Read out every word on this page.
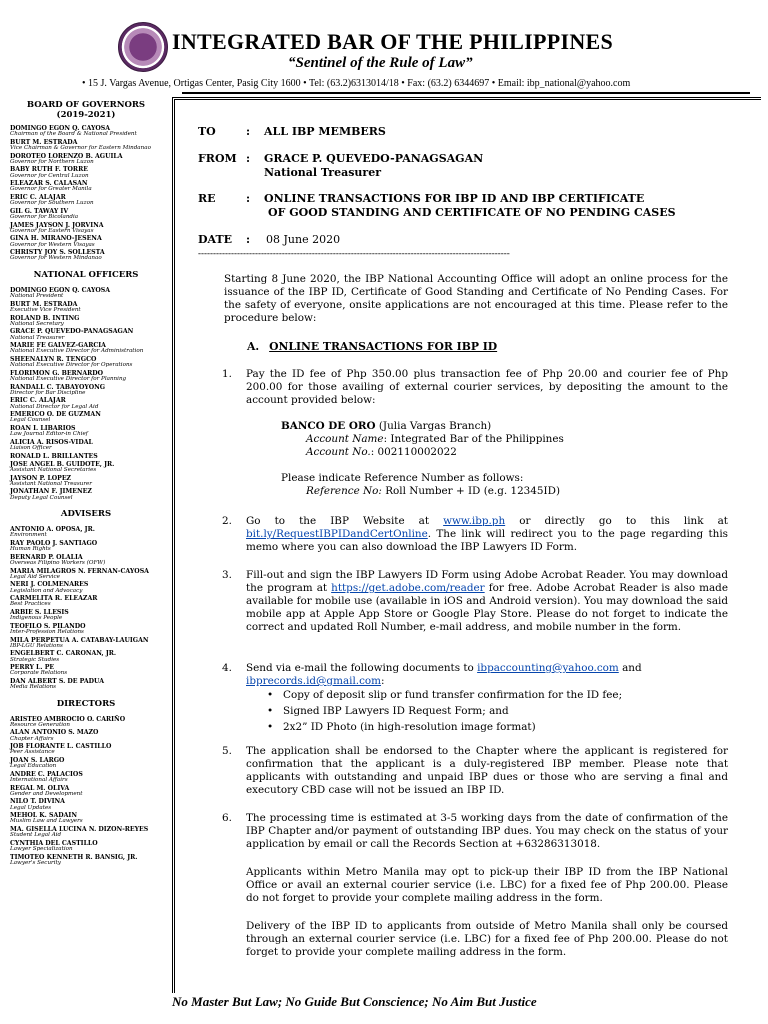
INTEGRATED BAR OF THE PHILIPPINES
“Sentinel of the Rule of Law”
• 15 J. Vargas Avenue, Ortigas Center, Pasig City 1600 • Tel: (63.2)6313014/18 • Fax: (63.2) 6344697 • Email: ibp_national@yahoo.com
BOARD OF GOVERNORS
(2019-2021)
DOMINGO EGON Q. CAYOSA
Chairman of the Board & National President
BURT M. ESTRADA
Vice Chairman & Governor for Eastern Mindanao
DOROTEO LORENZO B. AGUILA
Governor for Northern Luzon
BABY RUTH F. TORRE
Governor for Central Luzon
ELEAZAR S. CALASAN
Governor for Greater Manila
ERIC C. ALAJAR
Governor for Southern Luzon
GIL G. TAWAY IV
Governor for Bicolandia
JAMES JAYSON J. JORVINA
Governor for Eastern Visayas
GINA H. MIRANO-JESENA
Governor for Western Visayas
CHRISTY JOY S. SOLLESTA
Governor for Western Mindanao
NATIONAL OFFICERS
DOMINGO EGON Q. CAYOSA
National President
BURT M. ESTRADA
Executive Vice President
ROLAND B. INTING
National Secretary
GRACE P. QUEVEDO-PANAGSAGAN
National Treasurer
MARIE FE GALVEZ-GARCIA
National Executive Director for Administration
SHEENALYN R. TENGCO
National Executive Director for Operations
FLORIMON G. BERNARDO
National Executive Director for Planning
RANDALL C. TABAYOYONG
Director for Bar Discipline
ERIC C. ALAJAR
National Director for Legal Aid
EMERICO O. DE GUZMAN
Legal Counsel
ROAN I. LIBARIOS
Law Journal Editor-in Chief
ALICIA A. RISOS-VIDAL
Liaison Officer
RONALD L. BRILLANTES
JOSE ANGEL B. GUIDOTE, JR.
Assistant National Secretaries
JAYSON P. LOPEZ
Assistant National Treasurer
JONATHAN F. JIMENEZ
Deputy Legal Counsel
ADVISERS
ANTONIO A. OPOSA, JR.
Environment
RAY PAOLO J. SANTIAGO
Human Rights
BERNARD P. OLALIA
Overseas Filipino Workers (OFW)
MARIA MILAGROS N. FERNAN-CAYOSA
Legal Aid Service
NERI J. COLMENARES
Legislation and Advocacy
CARMELITA R. ELEAZAR
Best Practices
ARBIE S. LLESIS
Indigenous People
TEOFILO S. PILANDO
Inter-Profession Relations
MILA PERPETUA A. CATABAY-LAUIGAN
IBP-LGU Relations
ENGELBERT C. CARONAN, JR.
Strategic Studies
PERRY L. PE
Corporate Relations
DAN ALBERT S. DE PADUA
Media Relations
DIRECTORS
ARISTEO AMBROCIO O. CARIÑO
Resource Generation
ALAN ANTONIO S. MAZO
Chapter Affairs
JOB FLORANTE L. CASTILLO
Peer Assistance
JOAN S. LARGO
Legal Education
ANDRE C. PALACIOS
International Affairs
REGAL M. OLIVA
Gender and Development
NILO T. DIVINA
Legal Updates
MEHOL K. SADAIN
Muslim Law and Lawyers
MA. GISELLA LUCINA N. DIZON-REYES
Student Legal Aid
CYNTHIA DEL CASTILLO
Lawyer Specialization
TIMOTEO KENNETH R. BANSIG, JR.
Lawyer's Security
TO	: ALL IBP MEMBERS
FROM : GRACE P. QUEVEDO-PANAGSAGAN
National Treasurer
RE	: ONLINE TRANSACTIONS FOR IBP ID AND IBP CERTIFICATE
OF GOOD STANDING AND CERTIFICATE OF NO PENDING CASES
DATE : 08 June 2020
--------------------------------------------------------------------------------------------------------
Starting 8 June 2020, the IBP National Accounting Office will adopt an online process for the issuance of the IBP ID, Certificate of Good Standing and Certificate of No Pending Cases. For the safety of everyone, onsite applications are not encouraged at this time. Please refer to the procedure below:
A. ONLINE TRANSACTIONS FOR IBP ID
1. Pay the ID fee of Php 350.00 plus transaction fee of Php 20.00 and courier fee of Php 200.00 for those availing of external courier services, by depositing the amount to the account provided below:
BANCO DE ORO (Julia Vargas Branch)
Account Name: Integrated Bar of the Philippines
Account No.: 002110002022
Please indicate Reference Number as follows:
Reference No: Roll Number + ID (e.g. 12345ID)
2. Go to the IBP Website at www.ibp.ph or directly go to this link at bit.ly/RequestIBPIDandCertOnline. The link will redirect you to the page regarding this memo where you can also download the IBP Lawyers ID Form.
3. Fill-out and sign the IBP Lawyers ID Form using Adobe Acrobat Reader. You may download the program at https://get.adobe.com/reader for free. Adobe Acrobat Reader is also made available for mobile use (available in iOS and Android version). You may download the said mobile app at Apple App Store or Google Play Store. Please do not forget to indicate the correct and updated Roll Number, e-mail address, and mobile number in the form.
4. Send via e-mail the following documents to ibpaccounting@yahoo.com and
ibprecords.id@gmail.com:
• Copy of deposit slip or fund transfer confirmation for the ID fee;
• Signed IBP Lawyers ID Request Form; and
• 2x2” ID Photo (in high-resolution image format)
5. The application shall be endorsed to the Chapter where the applicant is registered for confirmation that the applicant is a duly-registered IBP member. Please note that applicants with outstanding and unpaid IBP dues or those who are serving a final and executory CBD case will not be issued an IBP ID.
6. The processing time is estimated at 3-5 working days from the date of confirmation of the IBP Chapter and/or payment of outstanding IBP dues. You may check on the status of your application by email or call the Records Section at +63286313018.
Applicants within Metro Manila may opt to pick-up their IBP ID from the IBP National Office or avail an external courier service (i.e. LBC) for a fixed fee of Php 200.00. Please do not forget to provide your complete mailing address in the form.
Delivery of the IBP ID to applicants from outside of Metro Manila shall only be coursed through an external courier service (i.e. LBC) for a fixed fee of Php 200.00. Please do not forget to provide your complete mailing address in the form.
No Master But Law; No Guide But Conscience; No Aim But Justice
